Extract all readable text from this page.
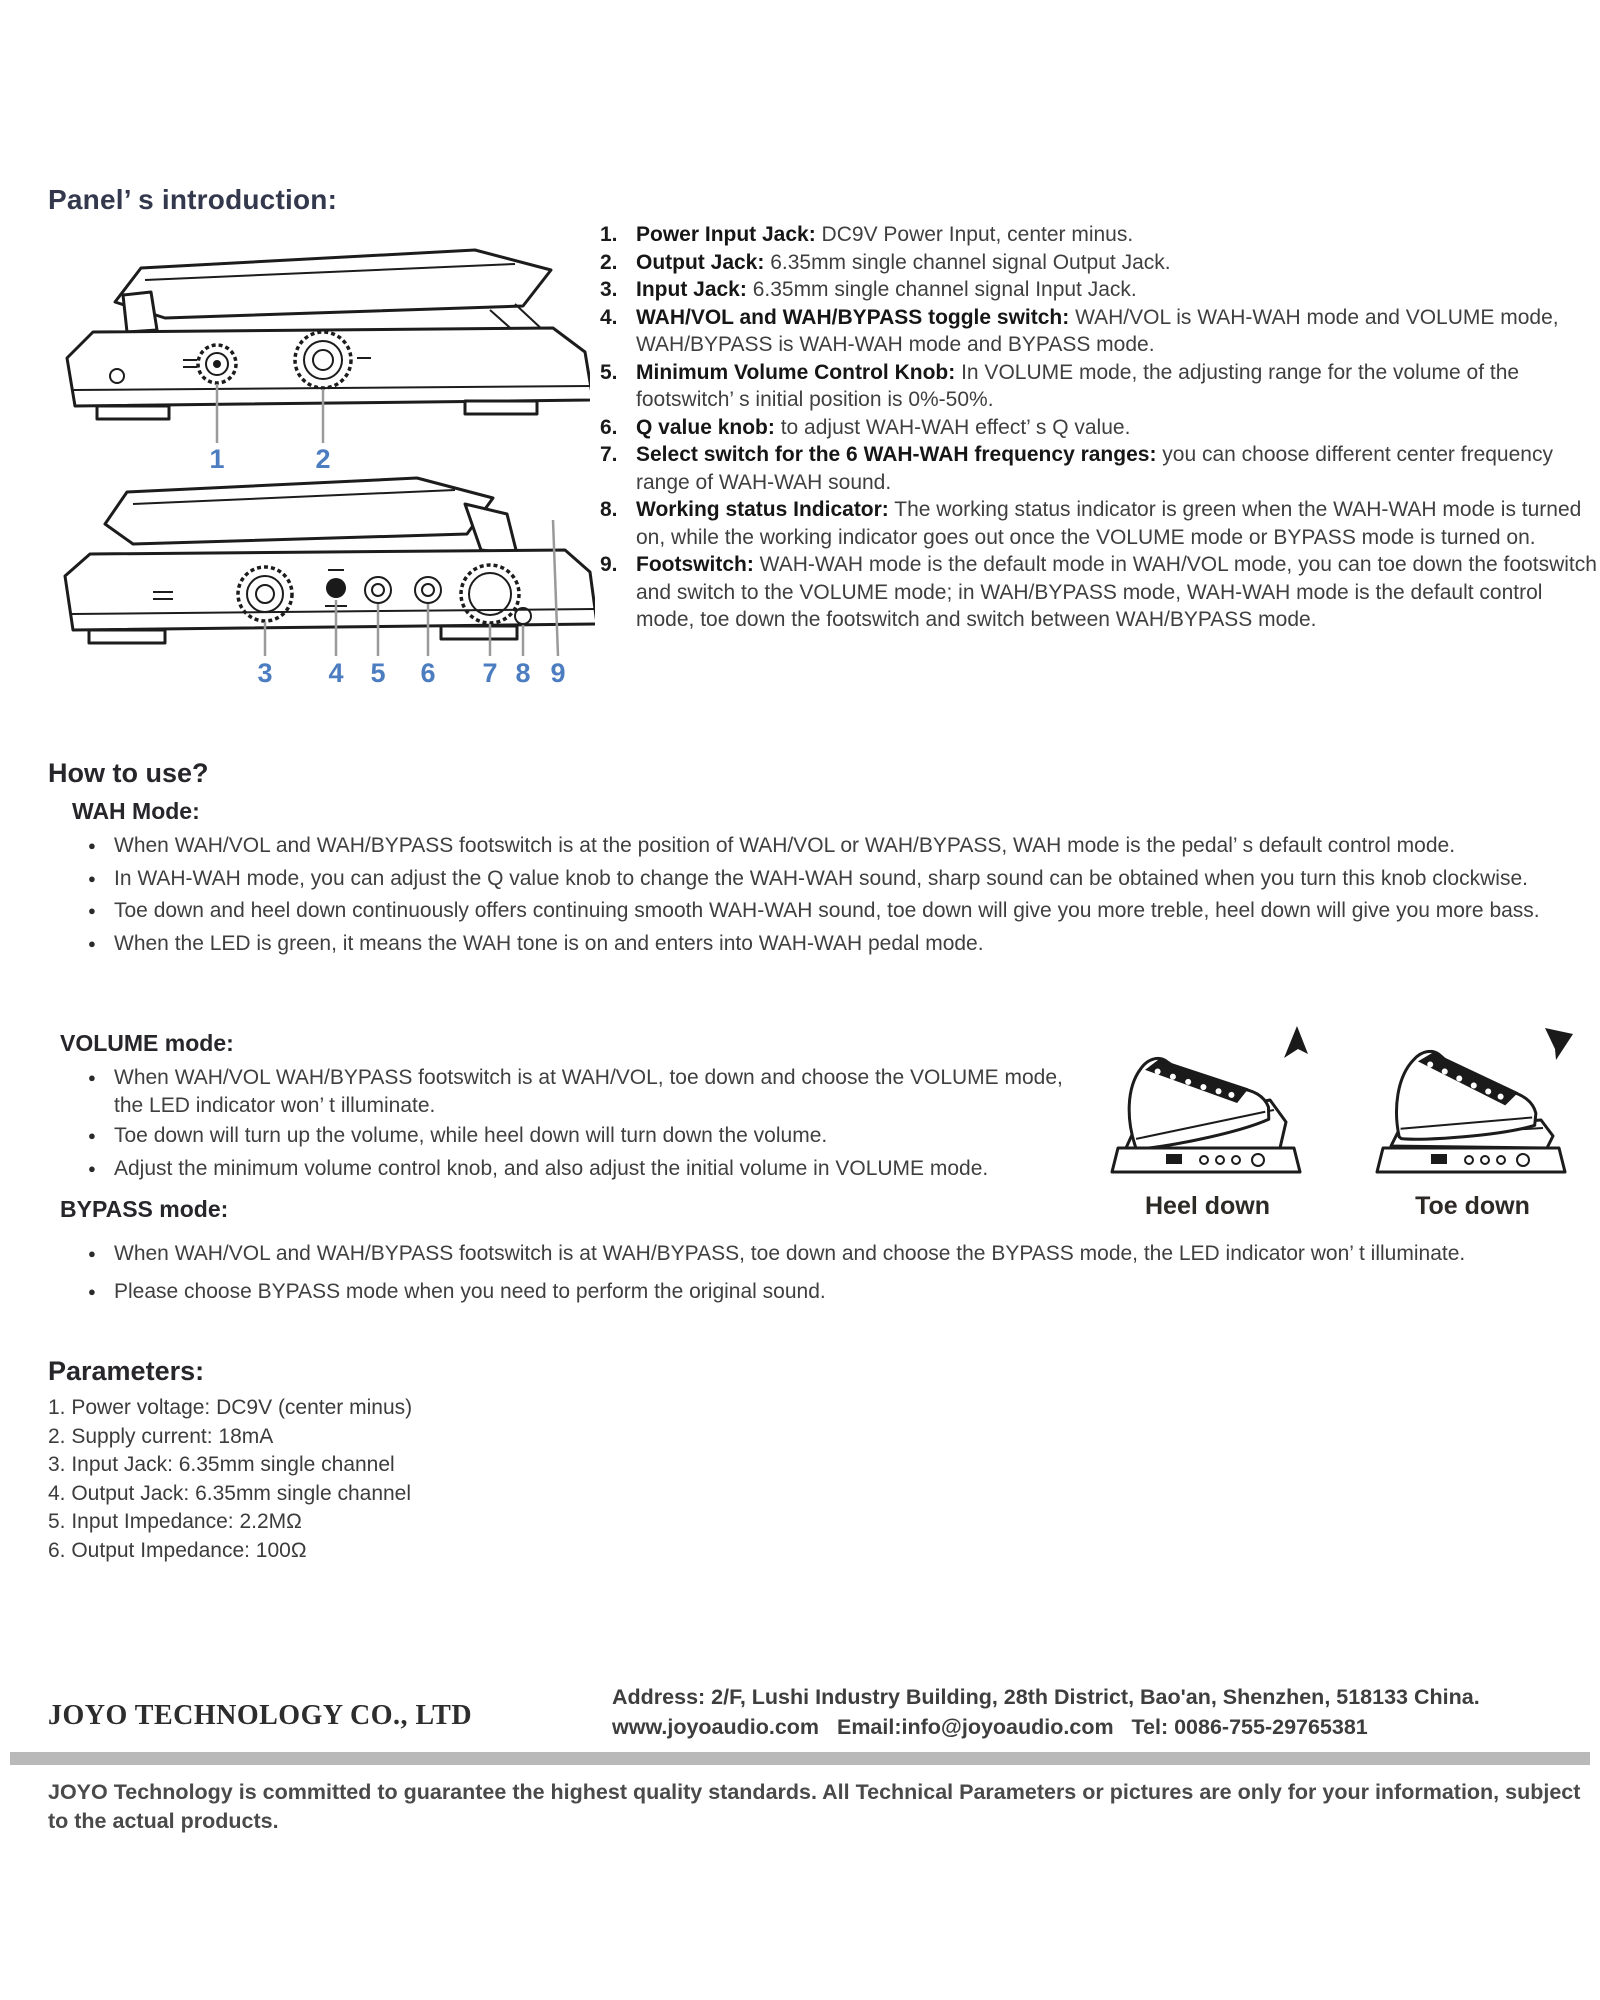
Panel’ s introduction:
1	2
3 4 5 6 7 8 9
1. Power Input Jack: DC9V Power Input, center minus.
2. Output Jack: 6.35mm single channel signal Output Jack.
3. Input Jack: 6.35mm single channel signal Input Jack.
4. WAH/VOL and WAH/BYPASS toggle switch: WAH/VOL is WAH-WAH mode and VOLUME mode, WAH/BYPASS is WAH-WAH mode and BYPASS mode.
5. Minimum Volume Control Knob: In VOLUME mode, the adjusting range for the volume of the footswitch’ s initial position is 0%-50%.
6. Q value knob: to adjust WAH-WAH effect’ s Q value.
7. Select switch for the 6 WAH-WAH frequency ranges: you can choose different center frequency range of WAH-WAH sound.
8. Working status Indicator: The working status indicator is green when the WAH-WAH mode is turned on, while the working indicator goes out once the VOLUME mode or BYPASS mode is turned on.
9. Footswitch: WAH-WAH mode is the default mode in WAH/VOL mode, you can toe down the footswitch and switch to the VOLUME mode; in WAH/BYPASS mode, WAH-WAH mode is the default control mode, toe down the footswitch and switch between WAH/BYPASS mode.
How to use?
WAH Mode:
●
When WAH/VOL and WAH/BYPASS footswitch is at the position of WAH/VOL or WAH/BYPASS, WAH mode is the pedal’ s default control mode.
●
In WAH-WAH mode, you can adjust the Q value knob to change the WAH-WAH sound, sharp sound can be obtained when you turn this knob clockwise.
●
Toe down and heel down continuously offers continuing smooth WAH-WAH sound, toe down will give you more treble, heel down will give you more bass.
●
When the LED is green, it means the WAH tone is on and enters into WAH-WAH pedal mode.
VOLUME mode:
●
When WAH/VOL WAH/BYPASS footswitch is at WAH/VOL, toe down and choose the VOLUME mode, the LED indicator won’ t illuminate.
●
Toe down will turn up the volume, while heel down will turn down the volume.
●
Adjust the minimum volume control knob, and also adjust the initial volume in VOLUME mode.
Heel down	Toe down
BYPASS mode:
●
When WAH/VOL and WAH/BYPASS footswitch is at WAH/BYPASS, toe down and choose the BYPASS mode, the LED indicator won’ t illuminate.
●
Please choose BYPASS mode when you need to perform the original sound.
Parameters:
1. Power voltage: DC9V (center minus)
2. Supply current: 18mA
3. Input Jack: 6.35mm single channel
4. Output Jack: 6.35mm single channel
5. Input Impedance: 2.2MΩ
6. Output Impedance: 100Ω
JOYO TECHNOLOGY CO., LTD
Address: 2/F, Lushi Industry Building, 28th District, Bao'an, Shenzhen, 518133 China.
www.joyoaudio.com   Email:info@joyoaudio.com   Tel: 0086-755-29765381
JOYO Technology is committed to guarantee the highest quality standards. All Technical Parameters or pictures are only for your information, subject to the actual products.
